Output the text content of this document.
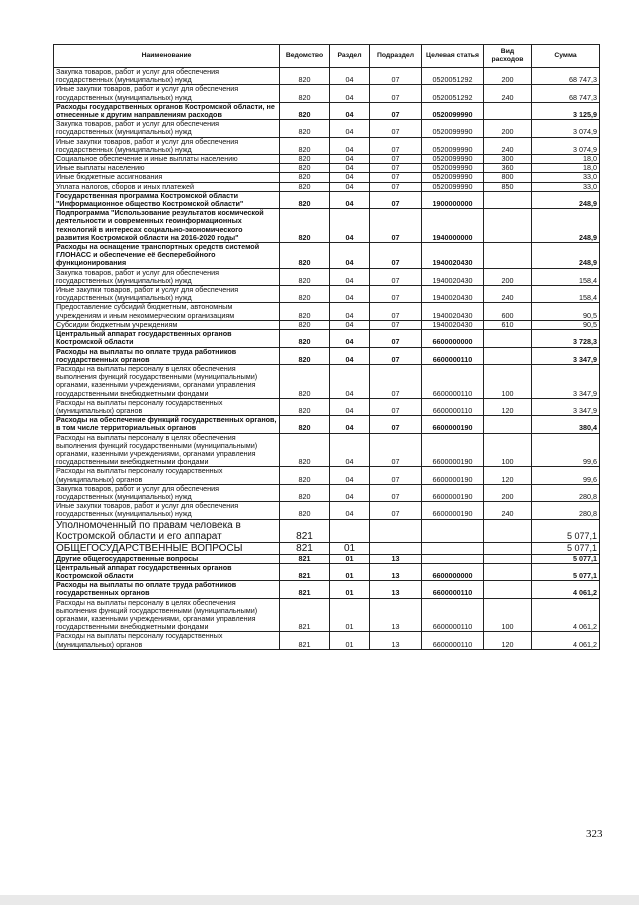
Наименование	Ведомство	Раздел	Подраздел	Целевая статья	Вид расходов	Сумма
Закупка товаров, работ и услуг для обеспечения государственных (муниципальных) нужд	820	04	07	0520051292	200	68 747,3
Иные закупки товаров, работ и услуг для обеспечения государственных (муниципальных) нужд	820	04	07	0520051292	240	68 747,3
Расходы государственных органов Костромской области, не отнесенные к другим направлениям расходов	820	04	07	0520099990		3 125,9
Закупка товаров, работ и услуг для обеспечения государственных (муниципальных) нужд	820	04	07	0520099990	200	3 074,9
Иные закупки товаров, работ и услуг для обеспечения государственных (муниципальных) нужд	820	04	07	0520099990	240	3 074,9
Социальное обеспечение и иные выплаты населению	820	04	07	0520099990	300	18,0
Иные выплаты населению	820	04	07	0520099990	360	18,0
Иные бюджетные ассигнования	820	04	07	0520099990	800	33,0
Уплата налогов, сборов и иных платежей	820	04	07	0520099990	850	33,0
Государственная программа Костромской области "Информационное общество Костромской области"	820	04	07	1900000000		248,9
Подпрограмма "Использование результатов космической деятельности и современных геоинформационных технологий в интересах социально-экономического развития Костромской области на 2016-2020 годы"	820	04	07	1940000000		248,9
Расходы на оснащение транспортных средств системой ГЛОНАСС и обеспечение её бесперебойного функционирования	820	04	07	1940020430		248,9
Закупка товаров, работ и услуг для обеспечения государственных (муниципальных) нужд	820	04	07	1940020430	200	158,4
Иные закупки товаров, работ и услуг для обеспечения государственных (муниципальных) нужд	820	04	07	1940020430	240	158,4
Предоставление субсидий бюджетным, автономным учреждениям и иным некоммерческим организациям	820	04	07	1940020430	600	90,5
Субсидии бюджетным учреждениям	820	04	07	1940020430	610	90,5
Центральный аппарат государственных органов Костромской области	820	04	07	6600000000		3 728,3
Расходы на выплаты по оплате труда работников государственных органов	820	04	07	6600000110		3 347,9
Расходы на выплаты персоналу в целях обеспечения выполнения функций государственными (муниципальными) органами, казенными учреждениями, органами управления государственными внебюджетными фондами	820	04	07	6600000110	100	3 347,9
Расходы на выплаты персоналу государственных (муниципальных) органов	820	04	07	6600000110	120	3 347,9
Расходы на обеспечение функций государственных органов, в том числе территориальных органов	820	04	07	6600000190		380,4
Расходы на выплаты персоналу в целях обеспечения выполнения функций государственными (муниципальными) органами, казенными учреждениями, органами управления государственными внебюджетными фондами	820	04	07	6600000190	100	99,6
Расходы на выплаты персоналу государственных (муниципальных) органов	820	04	07	6600000190	120	99,6
Закупка товаров, работ и услуг для обеспечения государственных (муниципальных) нужд	820	04	07	6600000190	200	280,8
Иные закупки товаров, работ и услуг для обеспечения государственных (муниципальных) нужд	820	04	07	6600000190	240	280,8
Уполномоченный по правам человека в Костромской области и его аппарат	821					5 077,1
ОБЩЕГОСУДАРСТВЕННЫЕ ВОПРОСЫ	821	01				5 077,1
Другие общегосударственные вопросы	821	01	13			5 077,1
Центральный аппарат государственных органов Костромской области	821	01	13	6600000000		5 077,1
Расходы на выплаты по оплате труда работников государственных органов	821	01	13	6600000110		4 061,2
Расходы на выплаты персоналу в целях обеспечения выполнения функций государственными (муниципальными) органами, казенными учреждениями, органами управления государственными внебюджетными фондами	821	01	13	6600000110	100	4 061,2
Расходы на выплаты персоналу государственных (муниципальных) органов	821	01	13	6600000110	120	4 061,2
323
